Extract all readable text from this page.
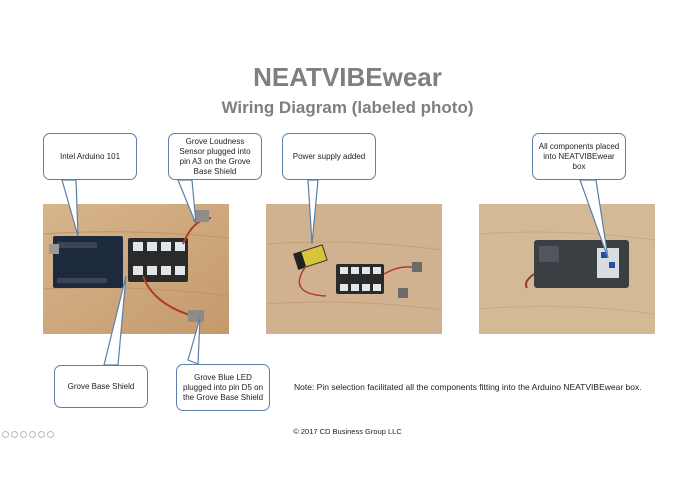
NEATVIBEwear
Wiring Diagram (labeled photo)
Intel Arduino 101
Grove Loudness Sensor plugged into pin A3 on the Grove Base Shield
Power supply added
All components placed into NEATVIBEwear box
Grove Base Shield
Grove Blue LED plugged into pin D5 on the Grove Base Shield
Note: Pin selection facilitated all the components fitting into the Arduino NEATVIBEwear box.
© 2017 CD Business Group LLC
